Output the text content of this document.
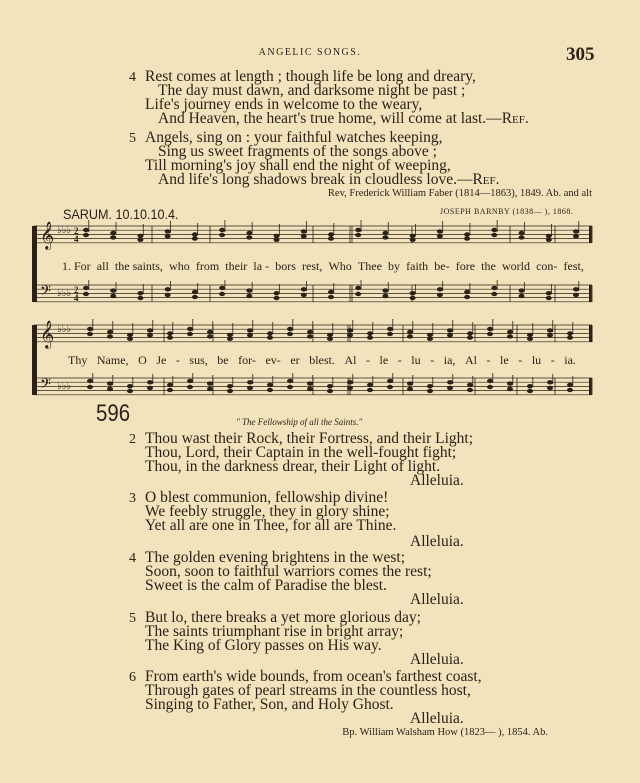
ANGELIC SONGS.	305
4 Rest comes at length ; though life be long and dreary,
The day must dawn, and darksome night be past ;
Life's journey ends in welcome to the weary,
And Heaven, the heart's true home, will come at last.—Ref.
5 Angels, sing on : your faithful watches keeping,
Sing us sweet fragments of the songs above ;
Till morning's joy shall end the night of weeping,
And life's long shadows break in cloudless love.—Ref.
Rev, Frederick William Faber (1814—1863), 1849. Ab. and alt
SARUM. 10.10.10.4.	JOSEPH BARNBY (1838— ), 1868.
𝄞
𝄢
♭♭♭
♭♭♭
2
4
2
4
𝄞
𝄢
♭♭♭
♭♭♭
1. For all the saints, who from their la - bors rest, Who Thee by faith be- fore the world con- fest,
Thy Name, O Je - sus, be for- ev- er blest. Al - le - lu - ia, Al - le - lu - ia.
596	" The Fellowship of all the Saints."
2 Thou wast their Rock, their Fortress, and their Light;
Thou, Lord, their Captain in the well-fought fight;
Thou, in the darkness drear, their Light of light.
Alleluia.
3 O blest communion, fellowship divine!
We feebly struggle, they in glory shine;
Yet all are one in Thee, for all are Thine.
Alleluia.
4 The golden evening brightens in the west;
Soon, soon to faithful warriors comes the rest;
Sweet is the calm of Paradise the blest.
Alleluia.
5 But lo, there breaks a yet more glorious day;
The saints triumphant rise in bright array;
The King of Glory passes on His way.
Alleluia.
6 From earth's wide bounds, from ocean's farthest coast,
Through gates of pearl streams in the countless host,
Singing to Father, Son, and Holy Ghost.
Alleluia.
Bp. William Walsham How (1823— ), 1854. Ab.
